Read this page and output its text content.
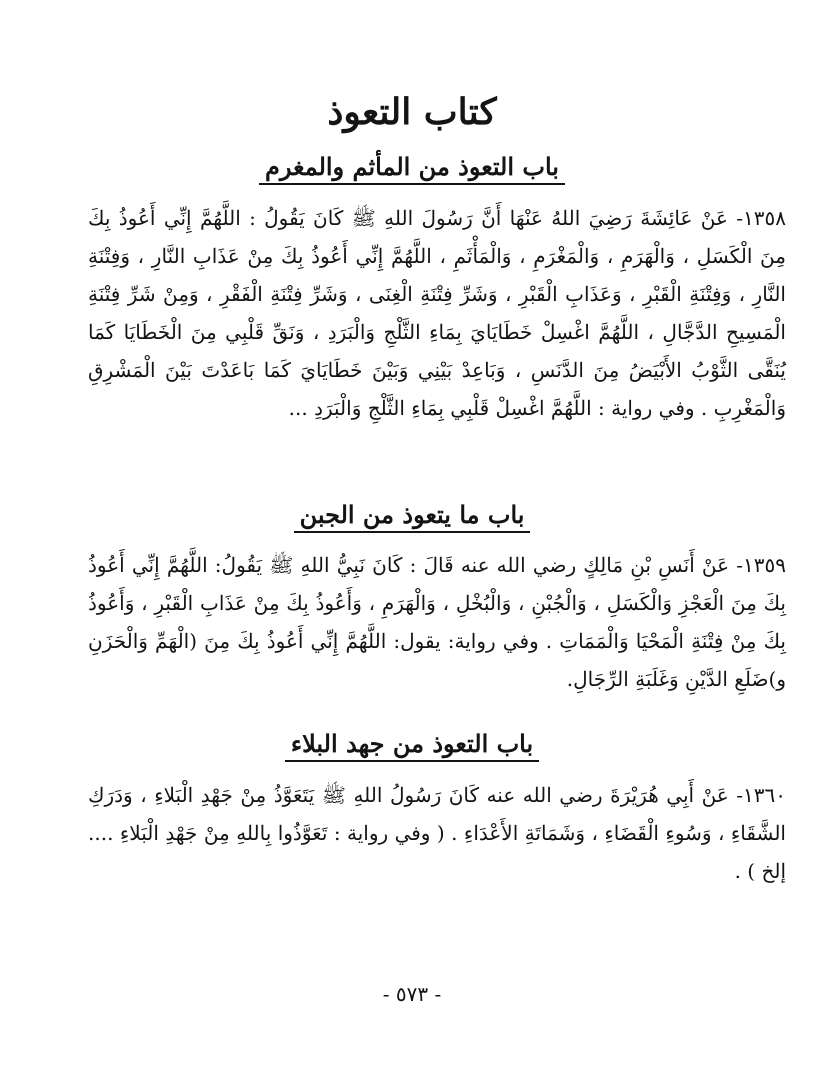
كتاب التعوذ
باب التعوذ من المأثم والمغرم
١٣٥٨- عَنْ عَائِشَةَ رَضِيَ اللهُ عَنْهَا أَنَّ رَسُولَ اللهِ ﷺ كَانَ يَقُولُ : اللَّهُمَّ إِنِّي أَعُوذُ بِكَ مِنَ الْكَسَلِ ، وَالْهَرَمِ ، وَالْمَغْرَمِ ، وَالْمَأْثَمِ ، اللَّهُمَّ إِنِّي أَعُوذُ بِكَ مِنْ عَذَابِ النَّارِ ، وَفِتْنَةِ النَّارِ ، وَفِتْنَةِ الْقَبْرِ ، وَعَذَابِ الْقَبْرِ ، وَشَرِّ فِتْنَةِ الْغِنَى ، وَشَرِّ فِتْنَةِ الْفَقْرِ ، وَمِنْ شَرِّ فِتْنَةِ الْمَسِيحِ الدَّجَّالِ ، اللَّهُمَّ اغْسِلْ خَطَايَايَ بِمَاءِ الثَّلْجِ وَالْبَرَدِ ، وَنَقِّ قَلْبِي مِنَ الْخَطَايَا كَمَا يُنَقَّى الثَّوْبُ الأَبْيَضُ مِنَ الدَّنَسِ ، وَبَاعِدْ بَيْنِي وَبَيْنَ خَطَايَايَ كَمَا بَاعَدْتَ بَيْنَ الْمَشْرِقِ وَالْمَغْرِبِ . وفي رواية : اللَّهُمَّ اغْسِلْ قَلْبِي بِمَاءِ الثَّلْجِ وَالْبَرَدِ ...
باب ما يتعوذ من الجبن
١٣٥٩- عَنْ أَنَسِ بْنِ مَالِكٍ رضي الله عنه قَالَ : كَانَ نَبِيُّ اللهِ ﷺ يَقُولُ: اللَّهُمَّ إِنِّي أَعُوذُ بِكَ مِنَ الْعَجْزِ وَالْكَسَلِ ، وَالْجُبْنِ ، وَالْبُخْلِ ، وَالْهَرَمِ ، وَأَعُوذُ بِكَ مِنْ عَذَابِ الْقَبْرِ ، وَأَعُوذُ بِكَ مِنْ فِتْنَةِ الْمَحْيَا وَالْمَمَاتِ . وفي رواية: يقول: اللَّهُمَّ إِنِّي أَعُوذُ بِكَ مِنَ (الْهَمِّ وَالْحَزَنِ و)ضَلَعِ الدَّيْنِ وَغَلَبَةِ الرِّجَالِ.
باب التعوذ من جهد البلاء
١٣٦٠- عَنْ أَبِي هُرَيْرَةَ رضي الله عنه كَانَ رَسُولُ اللهِ ﷺ يَتَعَوَّذُ مِنْ جَهْدِ الْبَلاءِ ، وَدَرَكِ الشَّقَاءِ ، وَسُوءِ الْقَضَاءِ ، وَشَمَاتَةِ الأَعْدَاءِ . ( وفي رواية : تَعَوَّذُوا بِاللهِ مِنْ جَهْدِ الْبَلاءِ .... إلخ ) .
- ٥٧٣ -
